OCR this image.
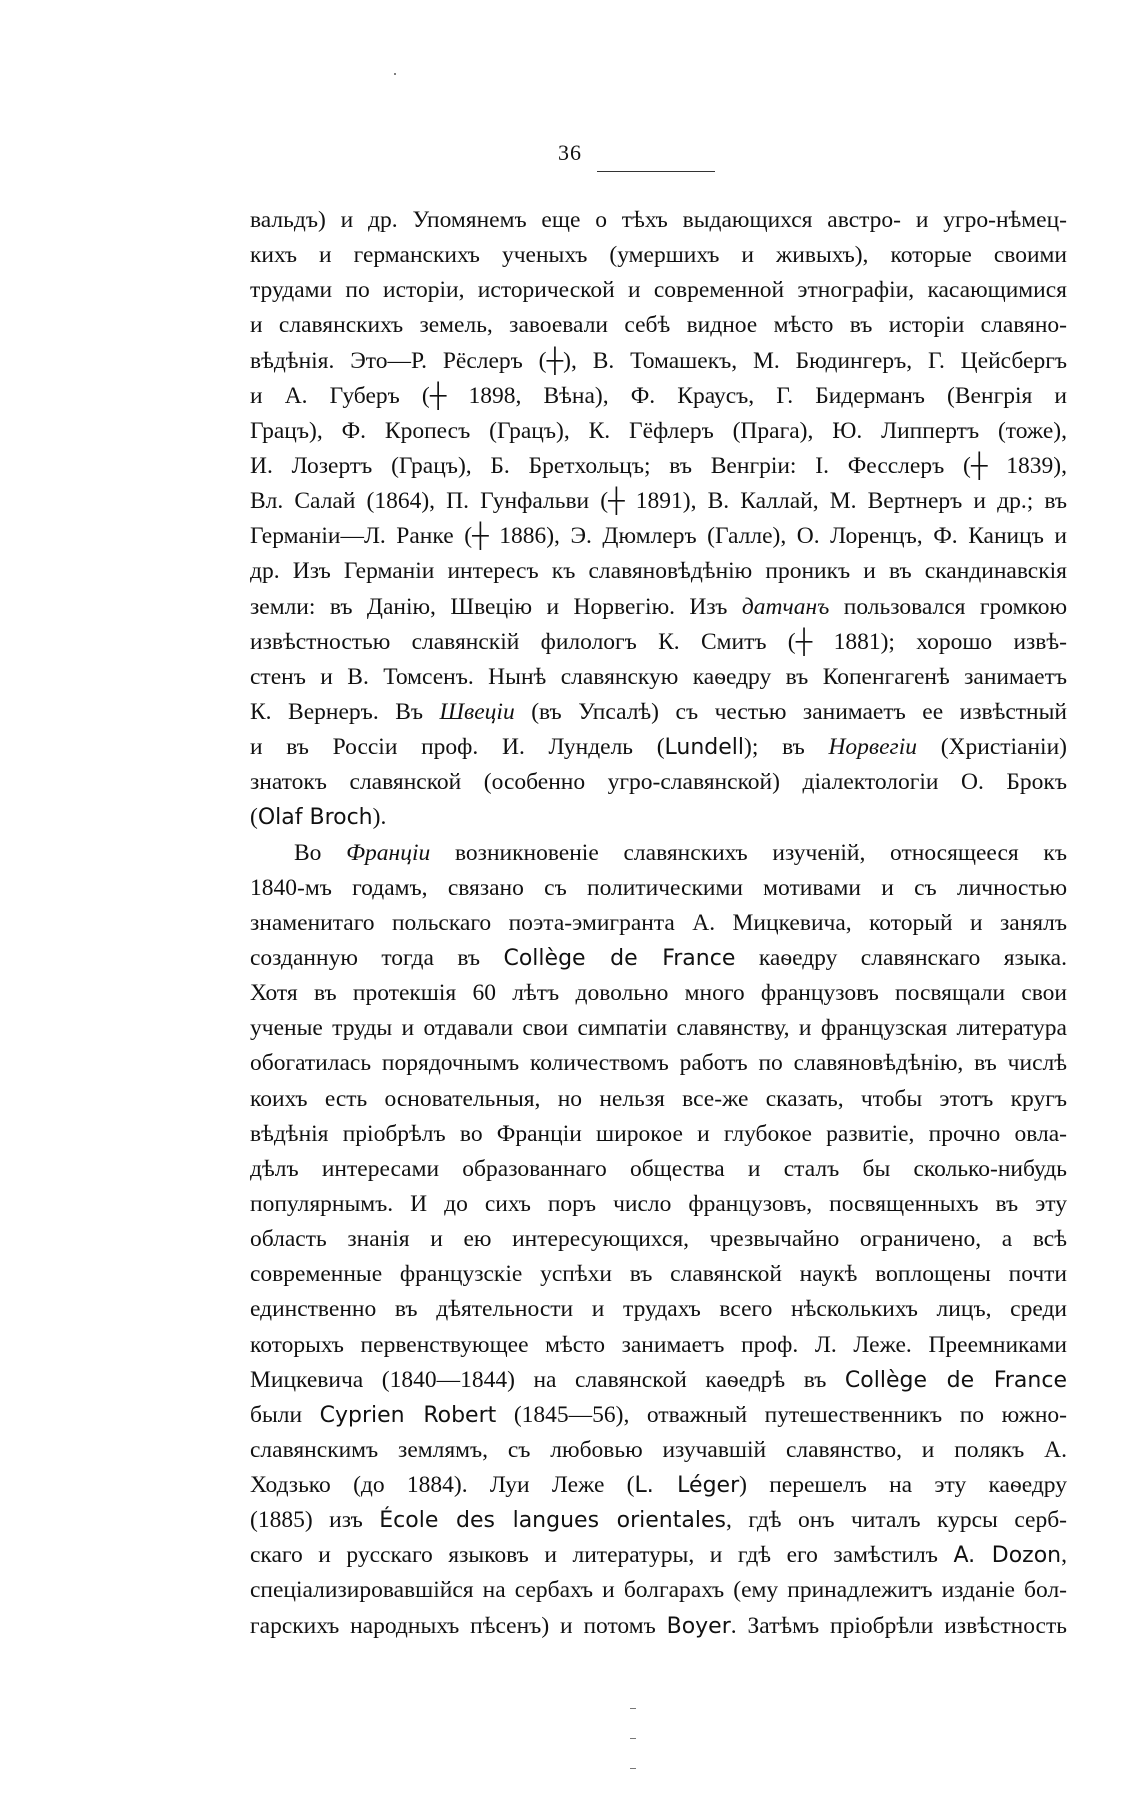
36
вальдъ) и др. Упомянемъ еще о тѣхъ выдающихся австро- и угро-нѣмец-
кихъ и германскихъ ученыхъ (умершихъ и живыхъ), которые своими
трудами по исторіи, исторической и современной этнографіи, касающимися
и славянскихъ земель, завоевали себѣ видное мѣсто въ исторіи славяно-
вѣдѣнія. Это—Р. Рёслеръ (┼), В. Томашекъ, М. Бюдингеръ, Г. Цейсбергъ
и А. Губеръ (┼ 1898, Вѣна), Ф. Краусъ, Г. Бидерманъ (Венгрія и
Грацъ), Ф. Кропесъ (Грацъ), К. Гёфлеръ (Прага), Ю. Липпертъ (тоже),
И. Лозертъ (Грацъ), Б. Бретхольцъ; въ Венгріи: І. Фесслеръ (┼ 1839),
Вл. Салай (1864), П. Гунфальви (┼ 1891), В. Каллай, М. Вертнеръ и др.; въ
Германіи—Л. Ранке (┼ 1886), Э. Дюмлеръ (Галле), О. Лоренцъ, Ф. Каницъ и
др. Изъ Германіи интересъ къ славяновѣдѣнію проникъ и въ скандинавскія
земли: въ Данію, Швецію и Норвегію. Изъ датчанъ пользовался громкою
извѣстностью славянскій филологъ К. Смитъ (┼ 1881); хорошо извѣ-
стенъ и В. Томсенъ. Нынѣ славянскую каѳедру въ Копенгагенѣ занимаетъ
К. Вернеръ. Въ Швеціи (въ Упсалѣ) съ честью занимаетъ ее извѣстный
и въ Россіи проф. И. Лундель (Lundell); въ Норвегіи (Христіаніи)
знатокъ славянской (особенно угро-славянской) діалектологіи О. Брокъ
(Olaf Broch).
Во Франціи возникновеніе славянскихъ изученій, относящееся къ
1840-мъ годамъ, связано съ политическими мотивами и съ личностью
знаменитаго польскаго поэта-эмигранта А. Мицкевича, который и занялъ
созданную тогда въ Collège de France каѳедру славянскаго языка.
Хотя въ протекшія 60 лѣтъ довольно много французовъ посвящали свои
ученые труды и отдавали свои симпатіи славянству, и французская литература
обогатилась порядочнымъ количествомъ работъ по славяновѣдѣнію, въ числѣ
коихъ есть основательныя, но нельзя все-же сказать, чтобы этотъ кругъ
вѣдѣнія пріобрѣлъ во Франціи широкое и глубокое развитіе, прочно овла-
дѣлъ интересами образованнаго общества и сталъ бы сколько-нибудь
популярнымъ. И до сихъ поръ число французовъ, посвященныхъ въ эту
область знанія и ею интересующихся, чрезвычайно ограничено, а всѣ
современные французскіе успѣхи въ славянской наукѣ воплощены почти
единственно въ дѣятельности и трудахъ всего нѣсколькихъ лицъ, среди
которыхъ первенствующее мѣсто занимаетъ проф. Л. Леже. Преемниками
Мицкевича (1840—1844) на славянской каѳедрѣ въ Collège de France
были Cyprien Robert (1845—56), отважный путешественникъ по южно-
славянскимъ землямъ, съ любовью изучавшій славянство, и полякъ А.
Ходзько (до 1884). Луи Леже (L. Léger) перешелъ на эту каѳедру
(1885) изъ École des langues orientales, гдѣ онъ читалъ курсы серб-
скаго и русскаго языковъ и литературы, и гдѣ его замѣстилъ A. Dozon,
спеціализировавшійся на сербахъ и болгарахъ (ему принадлежитъ изданіе бол-
гарскихъ народныхъ пѣсенъ) и потомъ Boyer. Затѣмъ пріобрѣли извѣстность
